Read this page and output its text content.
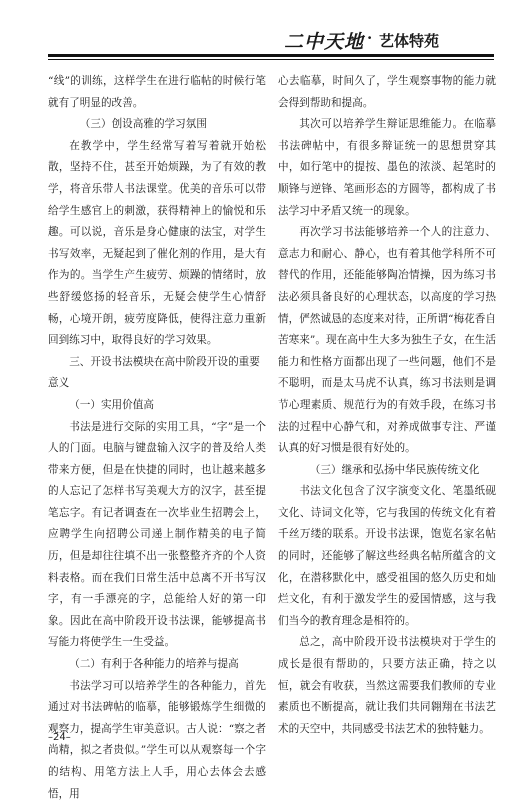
二中天地 · 艺体特苑

“线”的训练，这样学生在进行临帖的时候行笔就有了明显的改善。

（三）创设高雅的学习氛围

在教学中，学生经常写着写着就开始松散，坚持不住，甚至开始烦躁，为了有效的教学，将音乐带人书法课堂。优美的音乐可以带给学生感官上的刺激，获得精神上的愉悦和乐趣。可以说，音乐是身心健康的法宝，对学生书写效率，无疑起到了催化剂的作用，是大有作为的。当学生产生疲劳、烦躁的情绪时，放些舒缓悠扬的轻音乐，无疑会使学生心情舒畅，心境开朗，疲劳度降低，使得注意力重新回到练习中，取得良好的学习效果。

三、开设书法模块在高中阶段开设的重要意义
（一）实用价值高

书法是进行交际的实用工具，“字”是一个人的门面。电脑与键盘输入汉字的普及给人类带来方便，但是在快捷的同时，也让越来越多的人忘记了怎样书写美观大方的汉字，甚至提笔忘字。有记者调查在一次毕业生招聘会上，应聘学生向招聘公司递上制作精美的电子简历，但是却往往填不出一张整整齐齐的个人资料表格。而在我们日常生活中总离不开书写汉字，有一手漂亮的字，总能给人好的第一印象。因此在高中阶段开设书法课，能够提高书写能力将使学生一生受益。

（二）有利于各种能力的培养与提高

书法学习可以培养学生的各种能力，首先通过对书法碑帖的临摹，能够锻炼学生细微的观察力，提高学生审美意识。古人说：“察之者尚精，拟之者贵似。”学生可以从观察每一个字的结构、用笔方法上人手，用心去体会去感悟，用

心去临摹，时间久了，学生观察事物的能力就会得到帮助和提高。

其次可以培养学生辩证思维能力。在临摹书法碑帖中，有很多辩证统一的思想贯穿其中，如行笔中的提按、墨色的浓淡、起笔时的顺锋与逆锋、笔画形态的方圆等，都构成了书法学习中矛盾又统一的现象。

再次学习书法能够培养一个人的注意力、意志力和耐心、静心，也有着其他学科所不可替代的作用，还能能够陶冶情操，因为练习书法必须具备良好的心理状态，以高度的学习热情，俨然诚恳的态度来对待，正所谓“梅花香自苦寒来”。现在高中生大多为独生子女，在生活能力和性格方面都出现了一些问题，他们不是不聪明，而是太马虎不认真，练习书法则是调节心理素质、规范行为的有效手段，在练习书法的过程中心静气和，对养成做事专注、严谨认真的好习惯是很有好处的。

（三）继承和弘扬中华民族传统文化

书法文化包含了汉字演变文化、笔墨纸砚文化、诗词文化等，它与我国的传统文化有着千丝万缕的联系。开设书法课，饱览名家名帖的同时，还能够了解这些经典名帖所蕴含的文化，在潜移默化中，感受祖国的悠久历史和灿烂文化，有利于激发学生的爱国情感，这与我们当今的教育理念是相符的。

总之，高中阶段开设书法模块对于学生的成长是很有帮助的，只要方法正确，持之以恒，就会有收获，当然这需要我们教师的专业素质也不断提高，就让我们共同翱翔在书法艺术的天空中，共同感受书法艺术的独特魅力。

–24–
